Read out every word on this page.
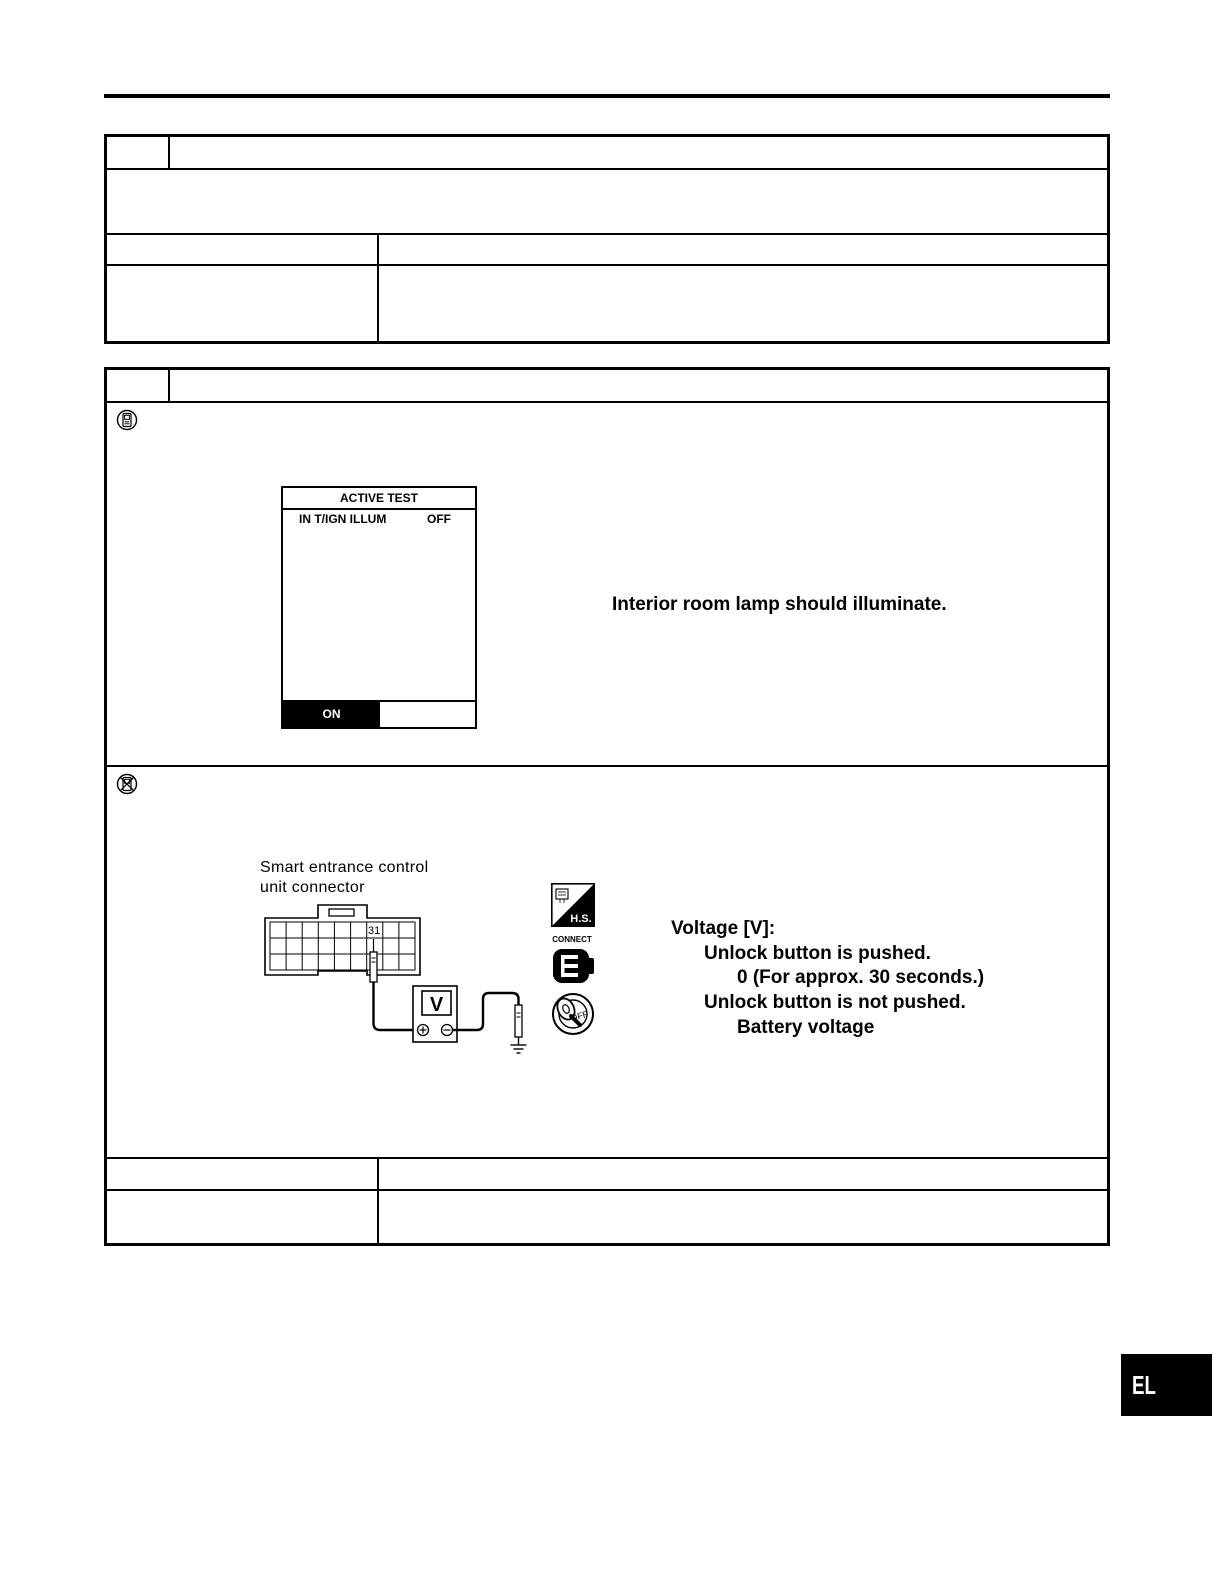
ACTIVE TEST
IN T/IGN ILLUM	OFF
ON
Interior room lamp should illuminate.
Smart entrance control
unit connector
31
V
H.S.
CONNECT
OFF
Voltage [V]:
Unlock button is pushed.
0 (For approx. 30 seconds.)
Unlock button is not pushed.
Battery voltage
EL
